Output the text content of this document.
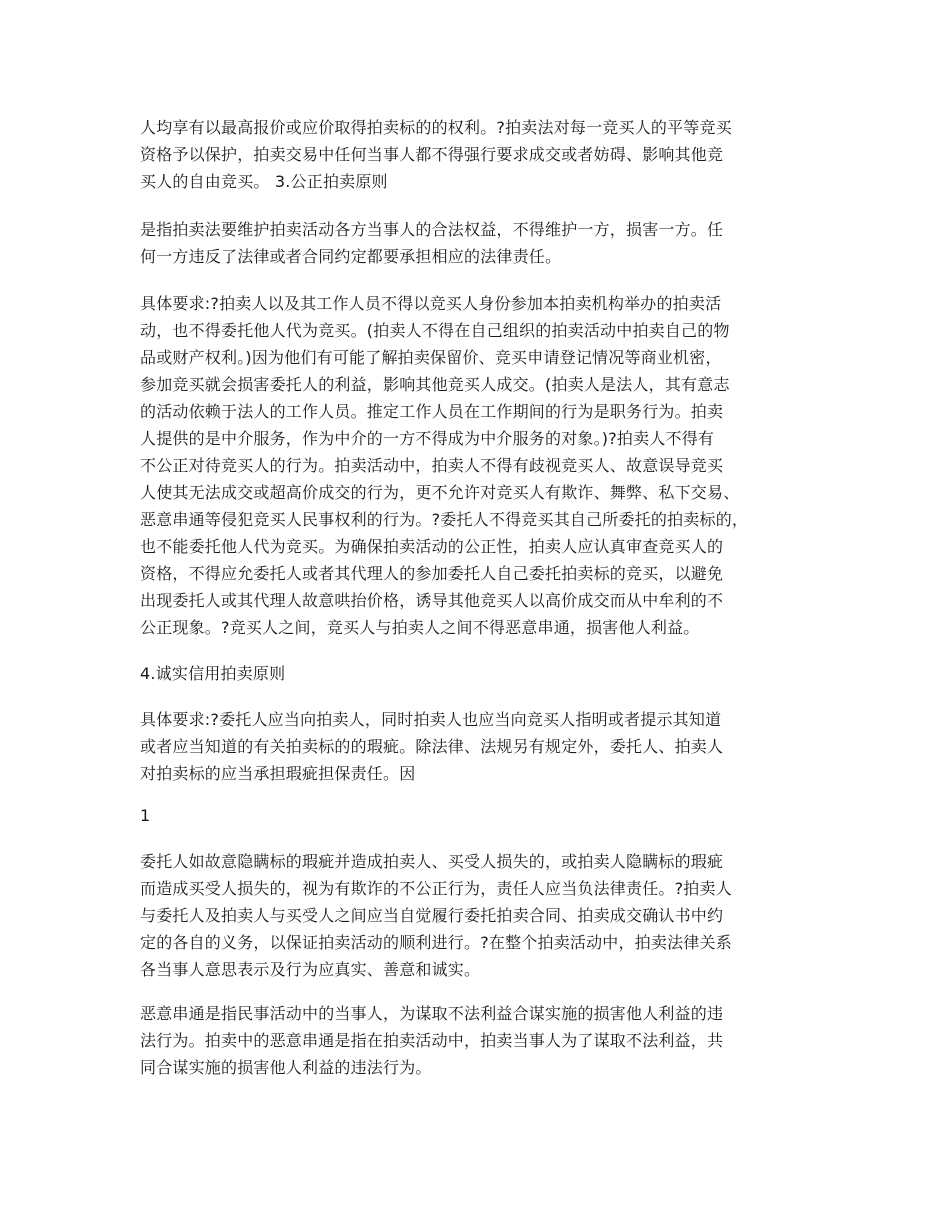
人均享有以最高报价或应价取得拍卖标的的权利。?拍卖法对每一竞买人的平等竞买
资格予以保护，拍卖交易中任何当事人都不得强行要求成交或者妨碍、影响其他竞
买人的自由竞买。 3.公正拍卖原则
是指拍卖法要维护拍卖活动各方当事人的合法权益，不得维护一方，损害一方。任
何一方违反了法律或者合同约定都要承担相应的法律责任。
具体要求:?拍卖人以及其工作人员不得以竞买人身份参加本拍卖机构举办的拍卖活
动，也不得委托他人代为竞买。(拍卖人不得在自己组织的拍卖活动中拍卖自己的物
品或财产权利。)因为他们有可能了解拍卖保留价、竞买申请登记情况等商业机密，
参加竞买就会损害委托人的利益，影响其他竞买人成交。(拍卖人是法人，其有意志
的活动依赖于法人的工作人员。推定工作人员在工作期间的行为是职务行为。拍卖
人提供的是中介服务，作为中介的一方不得成为中介服务的对象。)?拍卖人不得有
不公正对待竞买人的行为。拍卖活动中，拍卖人不得有歧视竞买人、故意误导竞买
人使其无法成交或超高价成交的行为，更不允许对竞买人有欺诈、舞弊、私下交易、
恶意串通等侵犯竞买人民事权利的行为。?委托人不得竞买其自己所委托的拍卖标的，
也不能委托他人代为竞买。为确保拍卖活动的公正性，拍卖人应认真审查竞买人的
资格，不得应允委托人或者其代理人的参加委托人自己委托拍卖标的竞买，以避免
出现委托人或其代理人故意哄抬价格，诱导其他竞买人以高价成交而从中牟利的不
公正现象。?竞买人之间，竞买人与拍卖人之间不得恶意串通，损害他人利益。
4.诚实信用拍卖原则
具体要求:?委托人应当向拍卖人，同时拍卖人也应当向竞买人指明或者提示其知道
或者应当知道的有关拍卖标的的瑕疵。除法律、法规另有规定外，委托人、拍卖人
对拍卖标的应当承担瑕疵担保责任。因
1
委托人如故意隐瞒标的瑕疵并造成拍卖人、买受人损失的，或拍卖人隐瞒标的瑕疵
而造成买受人损失的，视为有欺诈的不公正行为，责任人应当负法律责任。?拍卖人
与委托人及拍卖人与买受人之间应当自觉履行委托拍卖合同、拍卖成交确认书中约
定的各自的义务，以保证拍卖活动的顺利进行。?在整个拍卖活动中，拍卖法律关系
各当事人意思表示及行为应真实、善意和诚实。
恶意串通是指民事活动中的当事人，为谋取不法利益合谋实施的损害他人利益的违
法行为。拍卖中的恶意串通是指在拍卖活动中，拍卖当事人为了谋取不法利益，共
同合谋实施的损害他人利益的违法行为。
